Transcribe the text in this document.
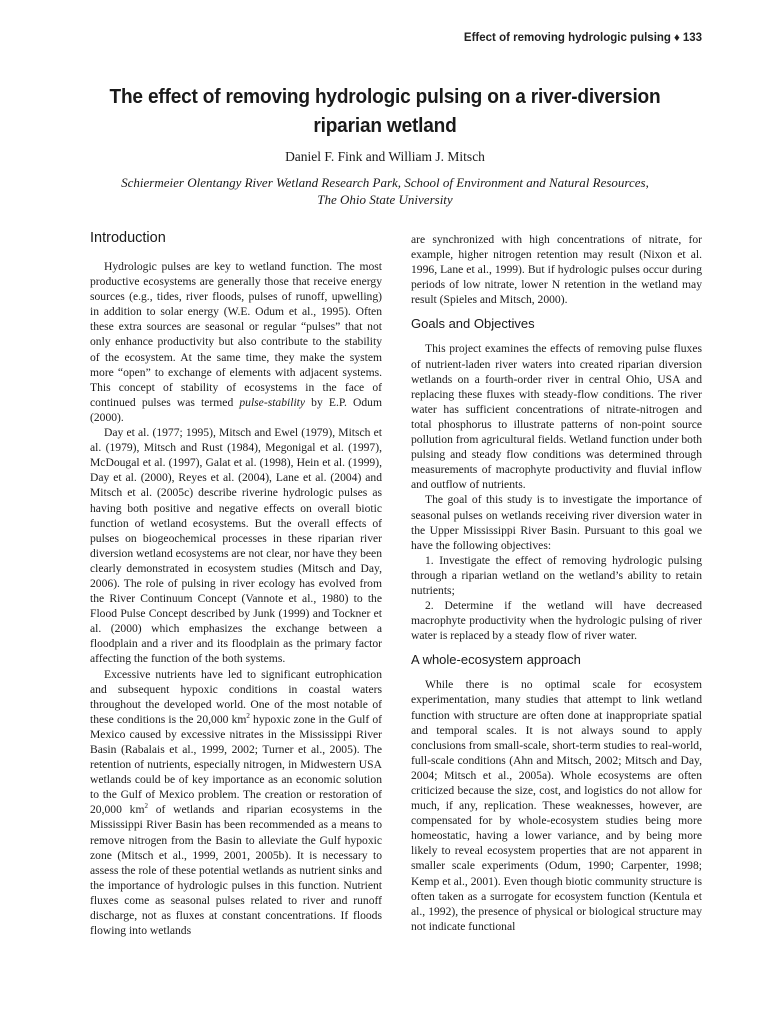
Effect of removing hydrologic pulsing ♦ 133
The effect of removing hydrologic pulsing on a river-diversion riparian wetland
Daniel F. Fink and William J. Mitsch
Schiermeier Olentangy River Wetland Research Park, School of Environment and Natural Resources,
The Ohio State University
Introduction

Hydrologic pulses are key to wetland function. The most productive ecosystems are generally those that receive energy sources (e.g., tides, river floods, pulses of runoff, upwelling) in addition to solar energy (W.E. Odum et al., 1995). Often these extra sources are seasonal or regular “pulses” that not only enhance productivity but also contribute to the stability of the ecosystem. At the same time, they make the system more “open” to exchange of elements with adjacent systems. This concept of stability of ecosystems in the face of continued pulses was termed pulse-stability by E.P. Odum (2000).

Day et al. (1977; 1995), Mitsch and Ewel (1979), Mitsch et al. (1979), Mitsch and Rust (1984), Megonigal et al. (1997), McDougal et al. (1997), Galat et al. (1998), Hein et al. (1999), Day et al. (2000), Reyes et al. (2004), Lane et al. (2004) and Mitsch et al. (2005c) describe riverine hydrologic pulses as having both positive and negative effects on overall biotic function of wetland ecosystems. But the overall effects of pulses on biogeochemical processes in these riparian river diversion wetland ecosystems are not clear, nor have they been clearly demonstrated in ecosystem studies (Mitsch and Day, 2006). The role of pulsing in river ecology has evolved from the River Continuum Concept (Vannote et al., 1980) to the Flood Pulse Concept described by Junk (1999) and Tockner et al. (2000) which emphasizes the exchange between a floodplain and a river and its floodplain as the primary factor affecting the function of the both systems.

Excessive nutrients have led to significant eutrophication and subsequent hypoxic conditions in coastal waters throughout the developed world. One of the most notable of these conditions is the 20,000 $km^2$ hypoxic zone in the Gulf of Mexico caused by excessive nitrates in the Mississippi River Basin (Rabalais et al., 1999, 2002; Turner et al., 2005). The retention of nutrients, especially nitrogen, in Midwestern USA wetlands could be of key importance as an economic solution to the Gulf of Mexico problem. The creation or restoration of 20,000 $km^2$ of wetlands and riparian ecosystems in the Mississippi River Basin has been recommended as a means to remove nitrogen from the Basin to alleviate the Gulf hypoxic zone (Mitsch et al., 1999, 2001, 2005b). It is necessary to assess the role of these potential wetlands as nutrient sinks and the importance of hydrologic pulses in this function. Nutrient fluxes come as seasonal pulses related to river and runoff discharge, not as fluxes at constant concentrations. If floods flowing into wetlands

are synchronized with high concentrations of nitrate, for example, higher nitrogen retention may result (Nixon et al. 1996, Lane et al., 1999). But if hydrologic pulses occur during periods of low nitrate, lower N retention in the wetland may result (Spieles and Mitsch, 2000).

Goals and Objectives

This project examines the effects of removing pulse fluxes of nutrient-laden river waters into created riparian diversion wetlands on a fourth-order river in central Ohio, USA and replacing these fluxes with steady-flow conditions. The river water has sufficient concentrations of nitrate-nitrogen and total phosphorus to illustrate patterns of non-point source pollution from agricultural fields. Wetland function under both pulsing and steady flow conditions was determined through measurements of macrophyte productivity and fluvial inflow and outflow of nutrients.

The goal of this study is to investigate the importance of seasonal pulses on wetlands receiving river diversion water in the Upper Mississippi River Basin. Pursuant to this goal we have the following objectives:

1. Investigate the effect of removing hydrologic pulsing through a riparian wetland on the wetland’s ability to retain nutrients;

2. Determine if the wetland will have decreased macrophyte productivity when the hydrologic pulsing of river water is replaced by a steady flow of river water.

A whole-ecosystem approach

While there is no optimal scale for ecosystem experimentation, many studies that attempt to link wetland function with structure are often done at inappropriate spatial and temporal scales. It is not always sound to apply conclusions from small-scale, short-term studies to real-world, full-scale conditions (Ahn and Mitsch, 2002; Mitsch and Day, 2004; Mitsch et al., 2005a). Whole ecosystems are often criticized because the size, cost, and logistics do not allow for much, if any, replication. These weaknesses, however, are compensated for by whole-ecosystem studies being more homeostatic, having a lower variance, and by being more likely to reveal ecosystem properties that are not apparent in smaller scale experiments (Odum, 1990; Carpenter, 1998; Kemp et al., 2001). Even though biotic community structure is often taken as a surrogate for ecosystem function (Kentula et al., 1992), the presence of physical or biological structure may not indicate functional
